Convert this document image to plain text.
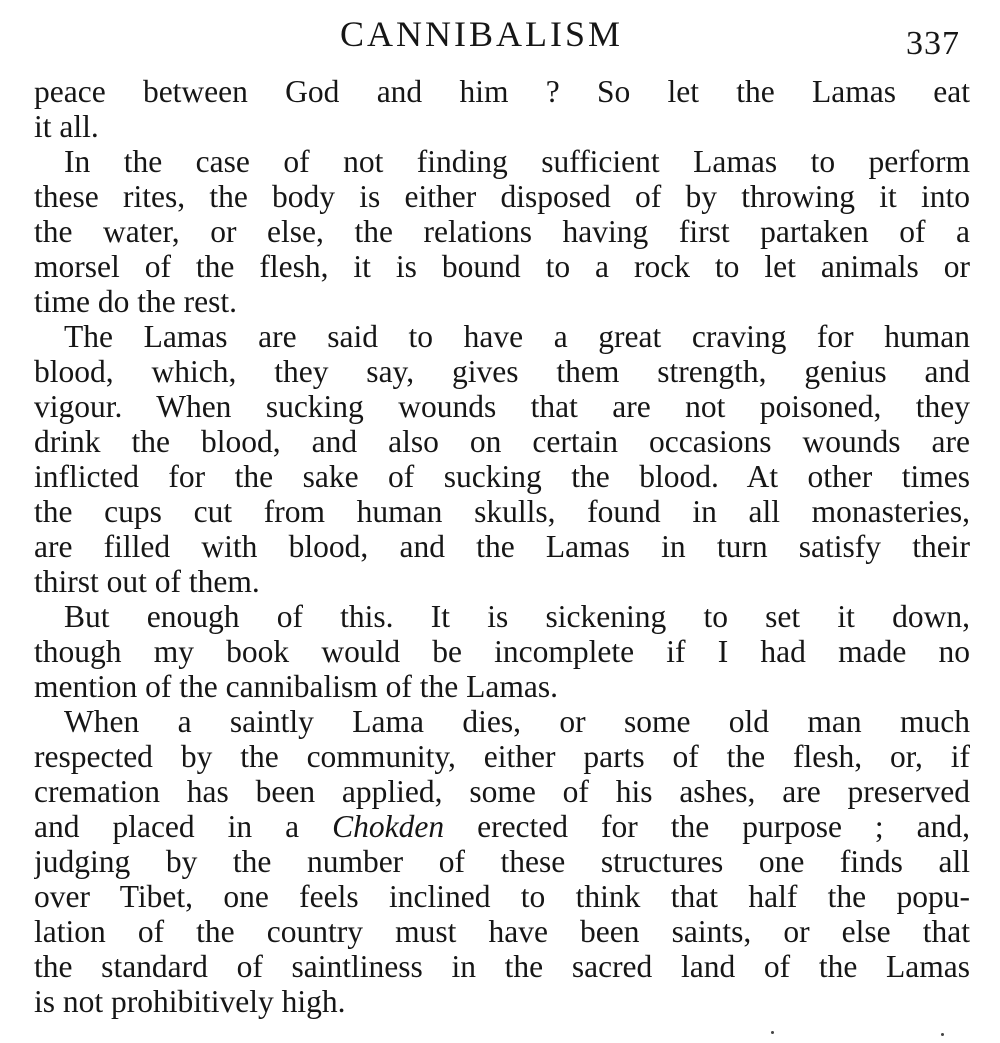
CANNIBALISM	337
peace between God and him ? So let the Lamas eat
it all.
In the case of not finding sufficient Lamas to perform
these rites, the body is either disposed of by throwing it into
the water, or else, the relations having first partaken of a
morsel of the flesh, it is bound to a rock to let animals or
time do the rest.
The Lamas are said to have a great craving for human
blood, which, they say, gives them strength, genius and
vigour. When sucking wounds that are not poisoned, they
drink the blood, and also on certain occasions wounds are
inflicted for the sake of sucking the blood. At other times
the cups cut from human skulls, found in all monasteries,
are filled with blood, and the Lamas in turn satisfy their
thirst out of them.
But enough of this. It is sickening to set it down,
though my book would be incomplete if I had made no
mention of the cannibalism of the Lamas.
When a saintly Lama dies, or some old man much
respected by the community, either parts of the flesh, or, if
cremation has been applied, some of his ashes, are preserved
and placed in a Chokden erected for the purpose ; and,
judging by the number of these structures one finds all
over Tibet, one feels inclined to think that half the popu-
lation of the country must have been saints, or else that
the standard of saintliness in the sacred land of the Lamas
is not prohibitively high.
